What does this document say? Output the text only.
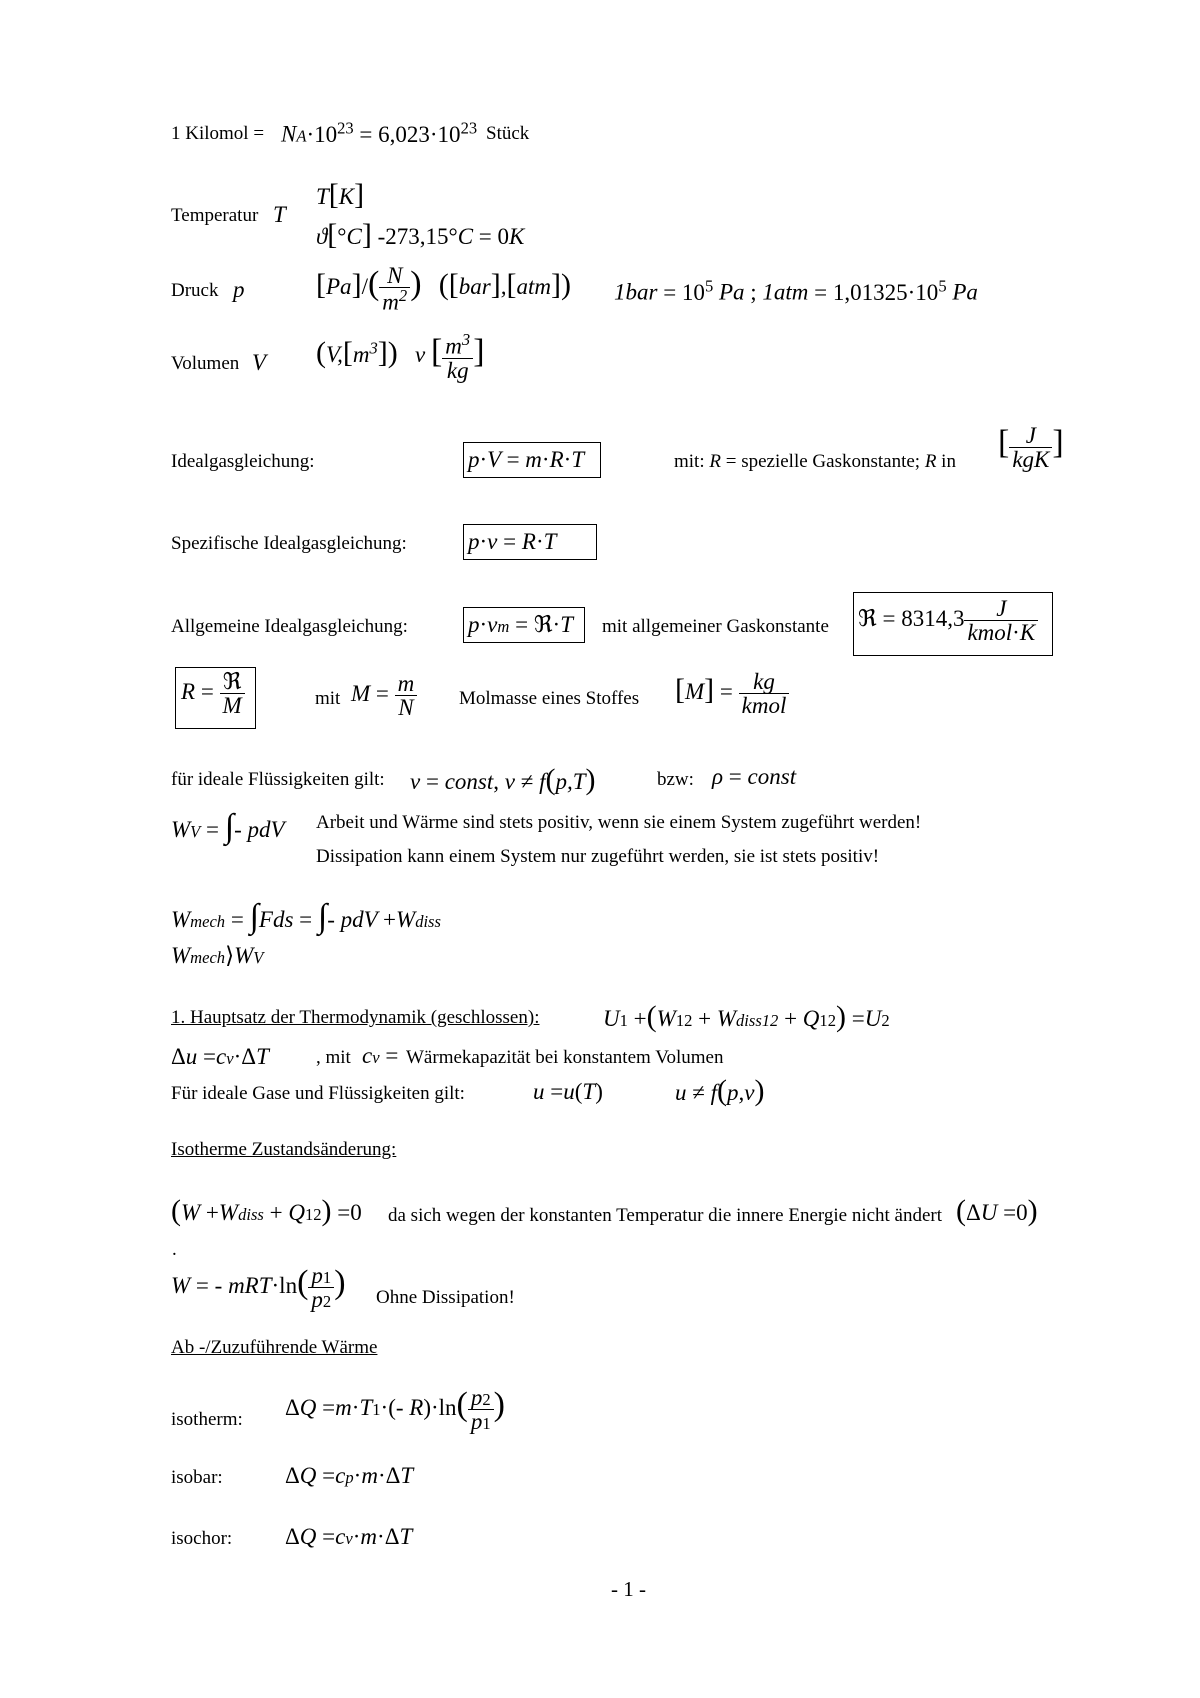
1 Kilomol = $NA\cdot 10^{23} = 6,023\cdot 10^{23}$ Stück
Temperatur T
T[K]
ϑ[°C] -273,15°C = 0K
Druck p $[Pa]/( \frac{N}{m^2}$ ) ([bar],[atm]) $1bar = 10^5$ Pa ; $1atm = 1,01325\cdot 10^5$ Pa
Volumen V $(V,[m^3])$   v [ $\frac{m^3}{kg}$ ]
Idealgasgleichung:	p·V = m·R·T	mit: R = spezielle Gaskonstante; R in
[ $\frac{J}{\text{kgK}}$ ]
Spezifische Idealgasgleichung:	p·v = R·T
Allgemeine Idealgasgleichung:	p·vm = ℜ·T mit allgemeiner Gaskonstante ℜ = $8314,3 \frac{J}{\text{kmol·K}}$
$R = \frac{\text{ℜ}}{M}$	mit $M = \frac{m}{N}$ Molmasse eines Stoffes $[M] = \frac{kg}{\text{kmol}}$
für ideale Flüssigkeiten gilt: v = const, v ≠ f(p,T)	bzw: ρ = const
WV = ∫- pdV Arbeit und Wärme sind stets positiv, wenn sie einem System zugeführt werden!
Dissipation kann einem System nur zugeführt werden, sie ist stets positiv!
Wmech = ∫Fds = ∫- pdV +Wdiss
Wmech⟩WV
1. Hauptsatz der Thermodynamik (geschlossen):	U1 +(W12 + Wdiss12 + Q12) =U2
Δu =cv·ΔT , mit cv = Wärmekapazität bei konstantem Volumen
Für ideale Gase und Flüssigkeiten gilt:	u =u(T)	u ≠ f(p,v)
Isotherme Zustandsänderung:
(W +Wdiss + Q12) =0 da sich wegen der konstanten Temperatur die innere Energie nicht ändert (ΔU =0)
.
W = - $mRT\cdot\ln( \frac{p1}{p2}$ ) Ohne Dissipation!
Ab -/Zuzuführende Wärme
isotherm: ΔQ =m·T1·(- $R)\cdot\ln( \frac{p2}{p1}$ )
isobar:	ΔQ =cp·m·ΔT
isochor: ΔQ =cv·m·ΔT
- 1 -
